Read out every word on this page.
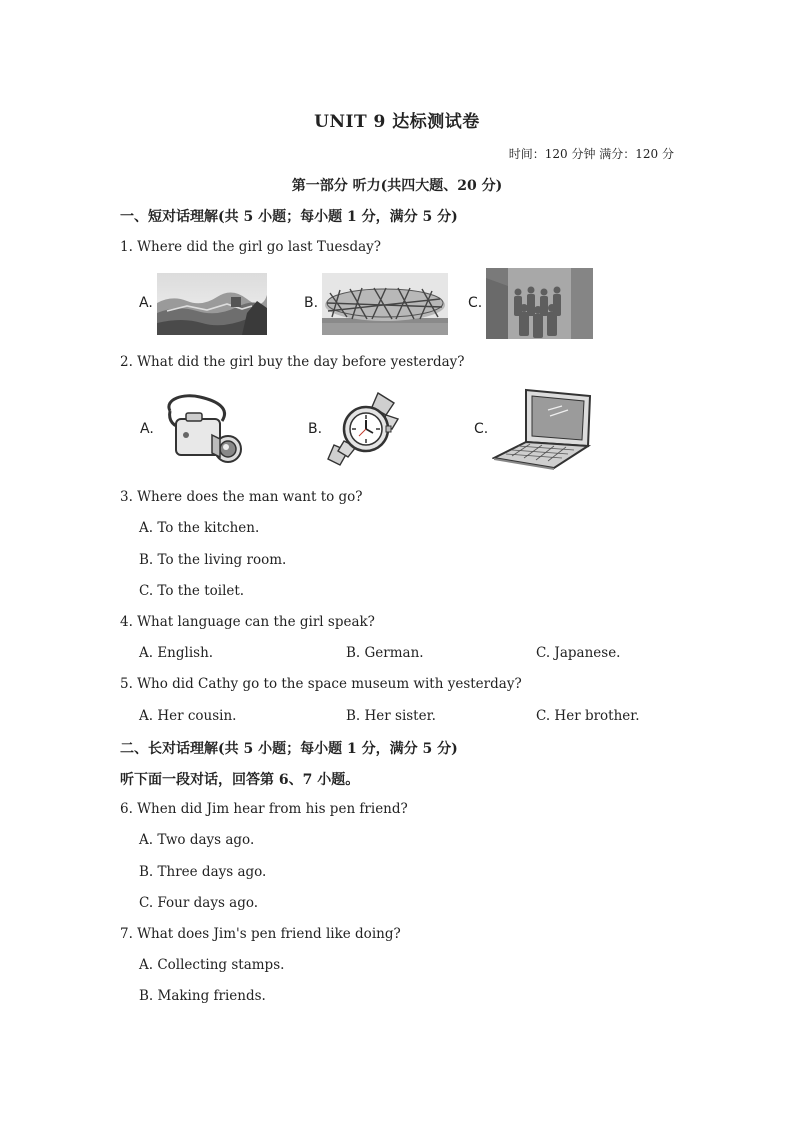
UNIT 9 达标测试卷
时间：120 分钟 满分：120 分
第一部分 听力(共四大题、20 分)
一、短对话理解(共 5 小题；每小题 1 分，满分 5 分)
1. Where did the girl go last Tuesday?
A.	B.	C.
2. What did the girl buy the day before yesterday?
A.	B.	C.
3. Where does the man want to go?
A. To the kitchen.
B. To the living room.
C. To the toilet.
4. What language can the girl speak?
A. English.	B. German.	C. Japanese.
5. Who did Cathy go to the space museum with yesterday?
A. Her cousin.	B. Her sister.	C. Her brother.
二、长对话理解(共 5 小题；每小题 1 分，满分 5 分)
听下面一段对话，回答第 6、7 小题。
6. When did Jim hear from his pen friend?
A. Two days ago.
B. Three days ago.
C. Four days ago.
7. What does Jim's pen friend like doing?
A. Collecting stamps.
B. Making friends.
